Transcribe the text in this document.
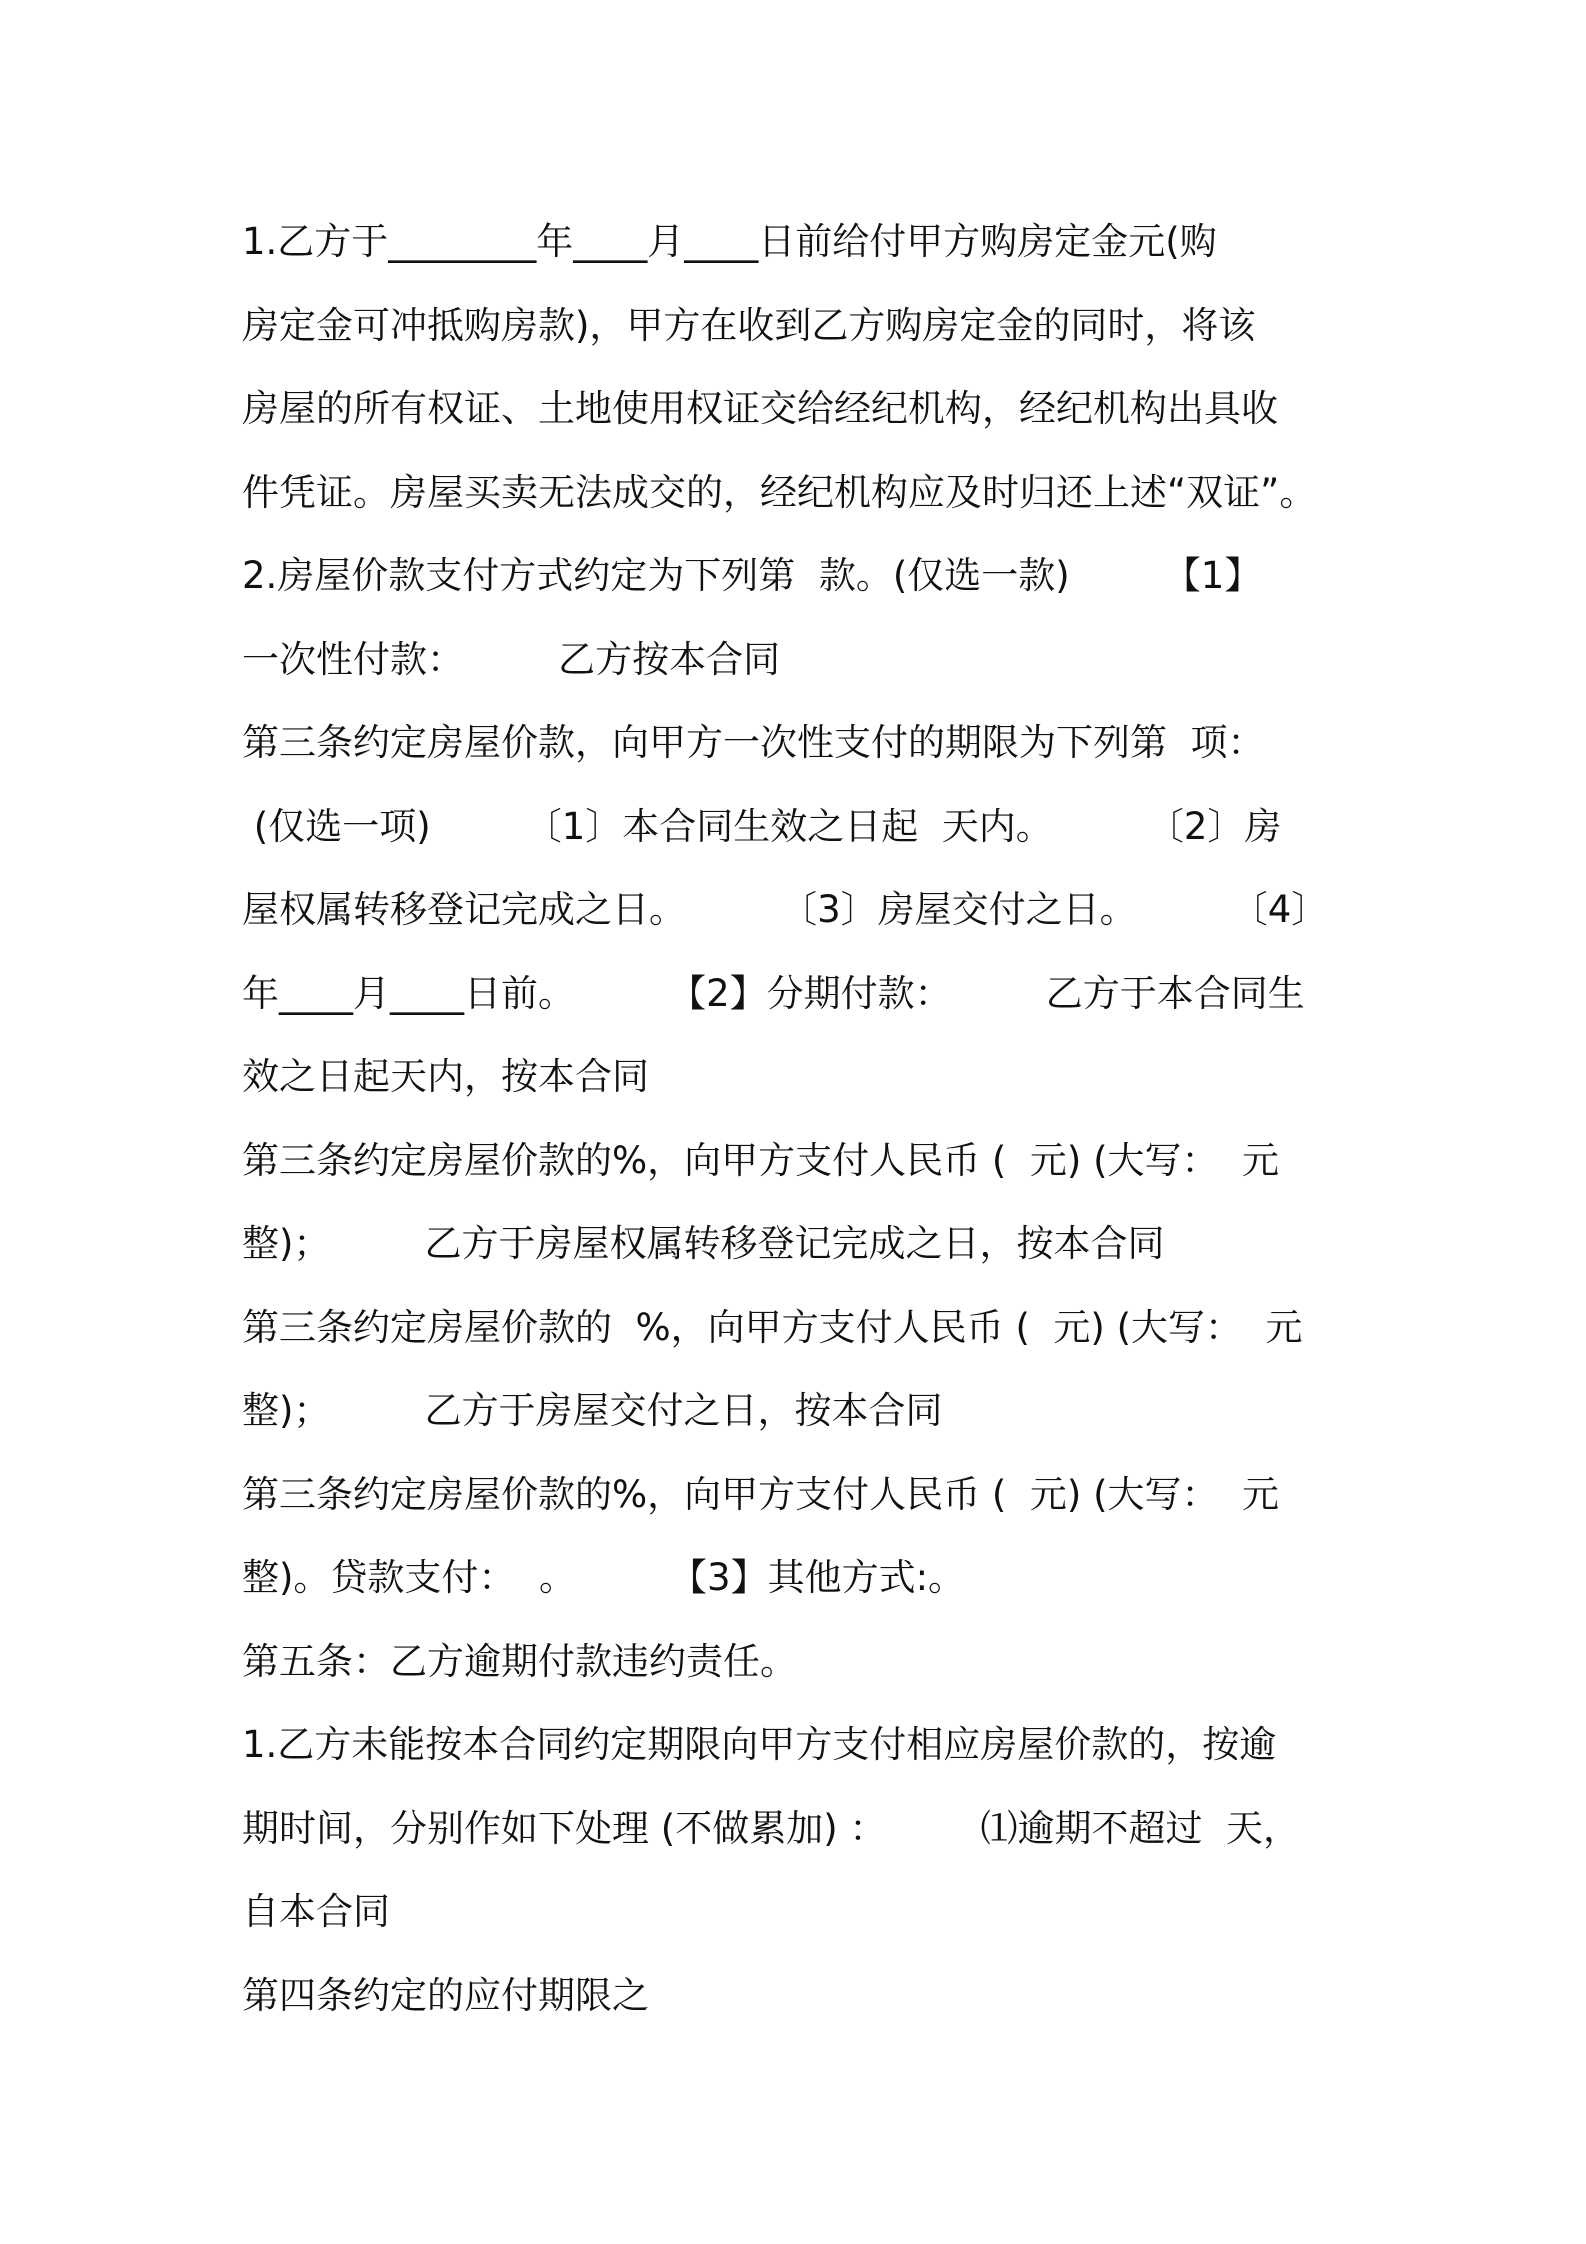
1.乙方于________年____月____日前给付甲方购房定金元(购
房定金可冲抵购房款)，甲方在收到乙方购房定金的同时，将该
房屋的所有权证、土地使用权证交给经纪机构，经纪机构出具收
件凭证。房屋买卖无法成交的，经纪机构应及时归还上述“双证”。
2.房屋价款支付方式约定为下列第  款。(仅选一款)        【1】
一次性付款：        乙方按本合同
第三条约定房屋价款，向甲方一次性支付的期限为下列第  项：
(仅选一项)        〔1〕本合同生效之日起  天内。        〔2〕房
屋权属转移登记完成之日。        〔3〕房屋交付之日。        〔4〕
年____月____日前。        【2】分期付款：        乙方于本合同生
效之日起天内，按本合同
第三条约定房屋价款的%，向甲方支付人民币 (  元) (大写：  元
整)；        乙方于房屋权属转移登记完成之日，按本合同
第三条约定房屋价款的  %，向甲方支付人民币 (  元) (大写：  元
整)；        乙方于房屋交付之日，按本合同
第三条约定房屋价款的%，向甲方支付人民币 (  元) (大写：  元
整)。贷款支付：  。        【3】其他方式:。
第五条：乙方逾期付款违约责任。
1.乙方未能按本合同约定期限向甲方支付相应房屋价款的，按逾
期时间，分别作如下处理 (不做累加) ：        ⑴逾期不超过  天，
自本合同
第四条约定的应付期限之
